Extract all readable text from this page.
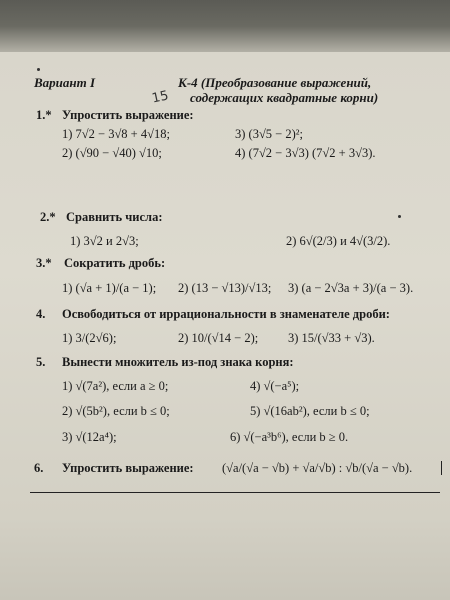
Вариант I
15
К-4 (Преобразование выражений,
содержащих квадратные корни)
1.* Упростить выражение:
1) 7√2 − 3√8 + 4√18;	3) (3√5 − 2)²;
2) (√90 − √40) √10;	4) (7√2 − 3√3) (7√2 + 3√3).
2.* Сравнить числа:
1) 3√2 и 2√3;	2) 6√(2/3) и 4√(3/2).
3.* Сократить дробь:
1) (√a + 1)/(a − 1); 2) (13 − √13)/√13; 3) (a − 2√3a + 3)/(a − 3).
4. Освободиться от иррациональности в знаменателе дроби:
1) 3/(2√6);	2) 10/(√14 − 2); 3) 15/(√33 + √3).
5. Вынести множитель из-под знака корня:
1) √(7a²), если a ≥ 0;	4) √(−a⁵);
2) √(5b²), если b ≤ 0;	5) √(16ab²), если b ≤ 0;
3) √(12a⁴);	6) √(−a³b⁶), если b ≥ 0.
6. Упростить выражение: (√a/(√a − √b) + √a/√b) : √b/(√a − √b).
